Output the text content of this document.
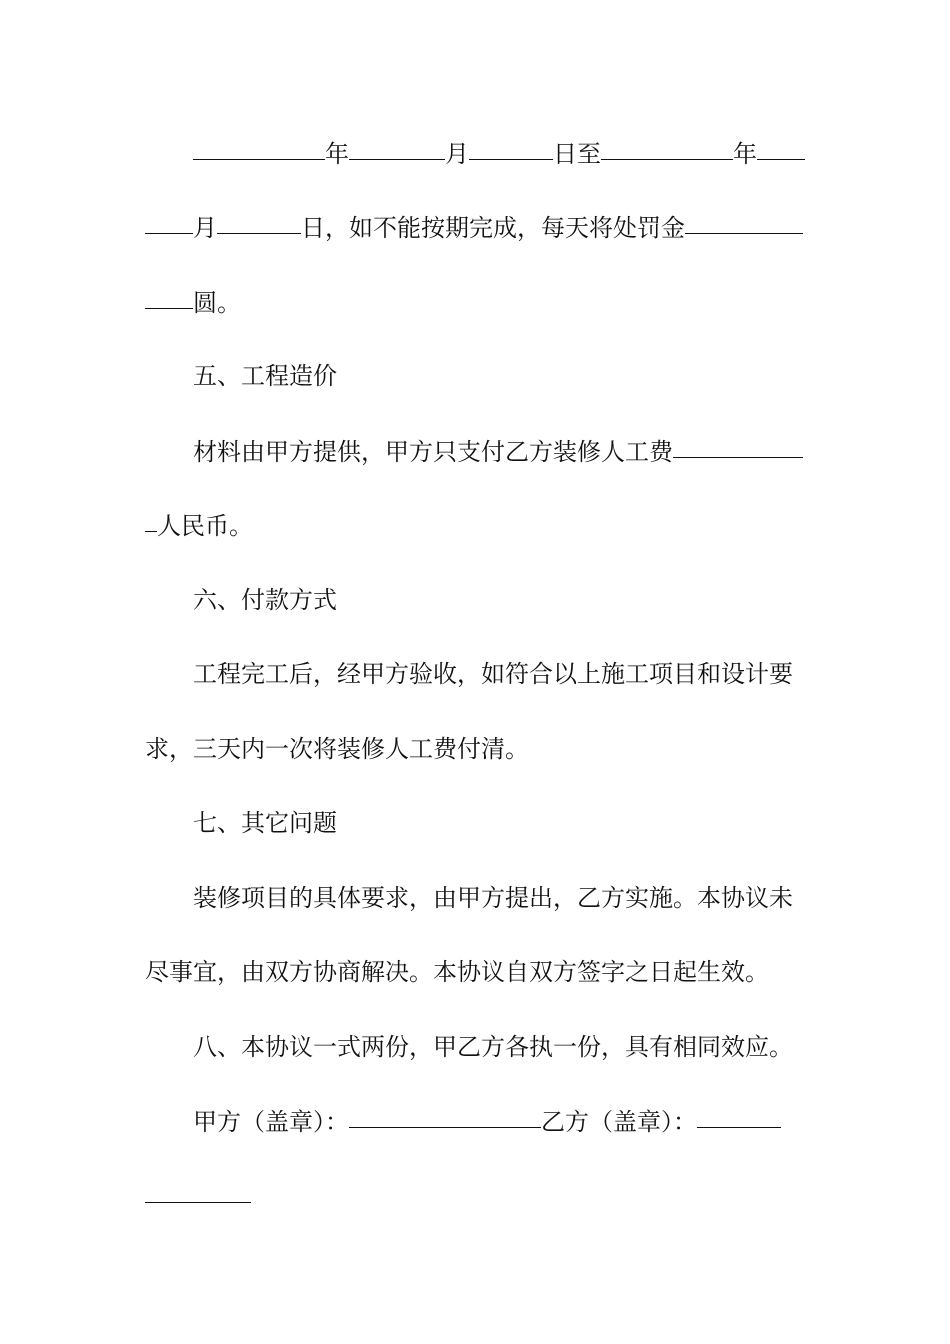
年	月	日至	年
月	日，如不能按期完成，每天将处罚金
圆。
五、工程造价
材料由甲方提供，甲方只支付乙方装修人工费
人民币。
六、付款方式
工程完工后，经甲方验收，如符合以上施工项目和设计要
求，三天内一次将装修人工费付清。
七、其它问题
装修项目的具体要求，由甲方提出，乙方实施。本协议未
尽事宜，由双方协商解决。本协议自双方签字之日起生效。
八、本协议一式两份，甲乙方各执一份，具有相同效应。
甲方（盖章）：	乙方（盖章）：
